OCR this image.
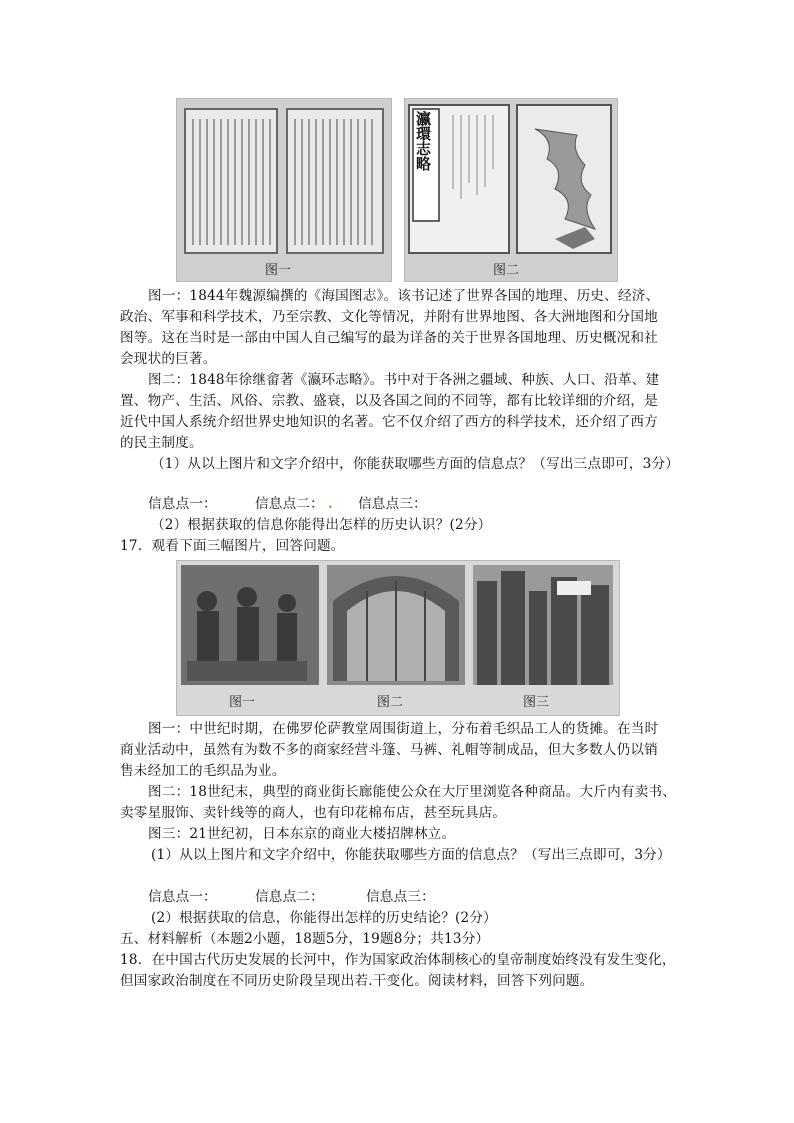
图一
瀛環志略
图二
图一：1844年魏源编撰的《海国图志》。该书记述了世界各国的地理、历史、经济、
政治、军事和科学技术，乃至宗教、文化等情况，并附有世界地图、各大洲地图和分国地
图等。这在当时是一部由中国人自己编写的最为详备的关于世界各国地理、历史概况和社
会现状的巨著。
图二：1848年徐继畲著《瀛环志略》。书中对于各洲之疆域、种族、人口、沿革、建
置、物产、生活、风俗、宗教、盛衰，以及各国之间的不同等，都有比较详细的介绍，是
近代中国人系统介绍世界史地知识的名著。它不仅介绍了西方的科学技术，还介绍了西方
的民主制度。
（1）从以上图片和文字介绍中，你能获取哪些方面的信息点？（写出三点即可，3分）
信息点一：	信息点二： . 信息点三：
（2）根据获取的信息你能得出怎样的历史认识？(2分）
17．观看下面三幅图片，回答问题。
图一	图二	图三
图一：中世纪时期，在佛罗伦萨教堂周围街道上，分布着毛织品工人的货摊。在当时
商业活动中，虽然有为数不多的商家经营斗篷、马裤、礼帽等制成品，但大多数人仍以销
售未经加工的毛织品为业。
图二：18世纪末，典型的商业街长廊能使公众在大厅里浏览各种商品。大斤内有卖书、
卖零星服饰、卖针线等的商人，也有印花棉布店，甚至玩具店。
图三：21世纪初，日本东京的商业大楼招牌林立。
(1）从以上图片和文字介绍中，你能获取哪些方面的信息点？（写出三点即可，3分）
信息点一：	信息点二：	信息点三：
(2）根据获取的信息，你能得出怎样的历史结论？(2分）
五、材料解析（本题2小题，18题5分，19题8分；共13分）
18．在中国古代历史发展的长河中，作为国家政治体制核心的皇帝制度始终没有发生变化，
但国家政治制度在不同历史阶段呈现出若.干变化。阅读材料，回答下列问题。
